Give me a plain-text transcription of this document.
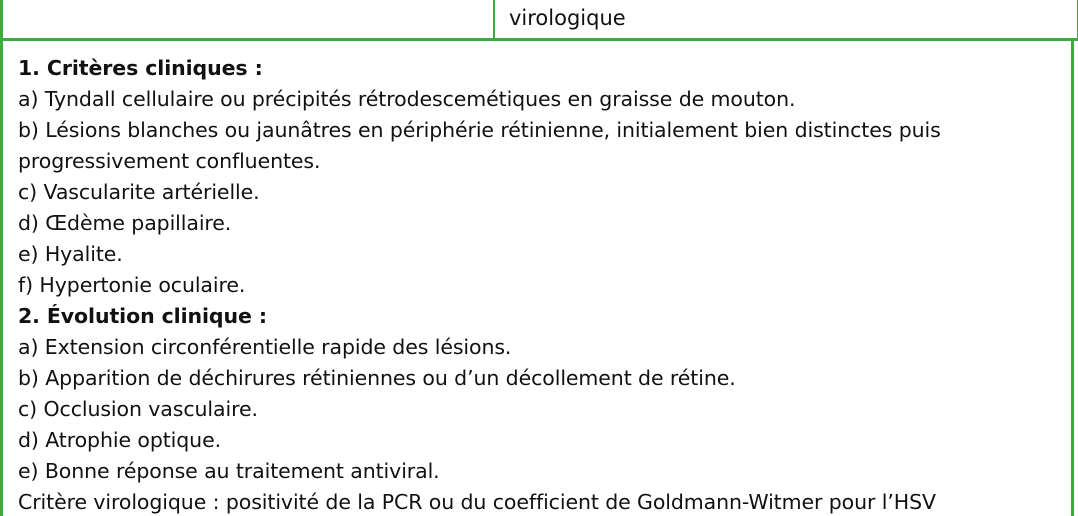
virologique
1. Critères cliniques :
a) Tyndall cellulaire ou précipités rétrodescemétiques en graisse de mouton.
b) Lésions blanches ou jaunâtres en périphérie rétinienne, initialement bien distinctes puis
progressivement confluentes.
c) Vascularite artérielle.
d) Œdème papillaire.
e) Hyalite.
f) Hypertonie oculaire.
2. Évolution clinique :
a) Extension circonférentielle rapide des lésions.
b) Apparition de déchirures rétiniennes ou d’un décollement de rétine.
c) Occlusion vasculaire.
d) Atrophie optique.
e) Bonne réponse au traitement antiviral.
Critère virologique : positivité de la PCR ou du coefficient de Goldmann-Witmer pour l’HSV
